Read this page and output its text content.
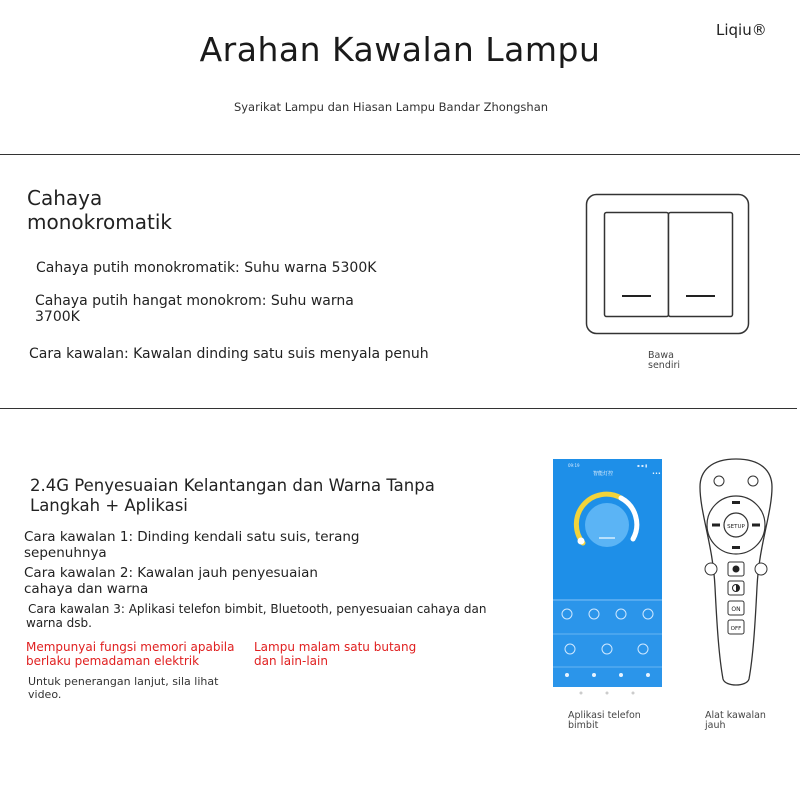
Arahan Kawalan Lampu	Liqiu®
Syarikat Lampu dan Hiasan Lampu Bandar Zhongshan
Cahaya
monokromatik
Cahaya putih monokromatik: Suhu warna 5300K
Cahaya putih hangat monokrom: Suhu warna
3700K
Cara kawalan: Kawalan dinding satu suis menyala penuh	Bawa
sendiri
2.4G Penyesuaian Kelantangan dan Warna Tanpa Langkah + Aplikasi
Cara kawalan 1: Dinding kendali satu suis, terang
sepenuhnya
Cara kawalan 2: Kawalan jauh penyesuaian
cahaya dan warna
Cara kawalan 3: Aplikasi telefon bimbit, Bluetooth, penyesuaian cahaya dan
warna dsb.
Mempunyai fungsi memori apabila
berlaku pemadaman elektrik
Lampu malam satu butang
dan lain-lain
Untuk penerangan lanjut, sila lihat
video.
09:19	▪ ▪ ▮
智能灯控	•••
Aplikasi telefon
bimbit
SETUP
ON
OFF
Alat kawalan
jauh
